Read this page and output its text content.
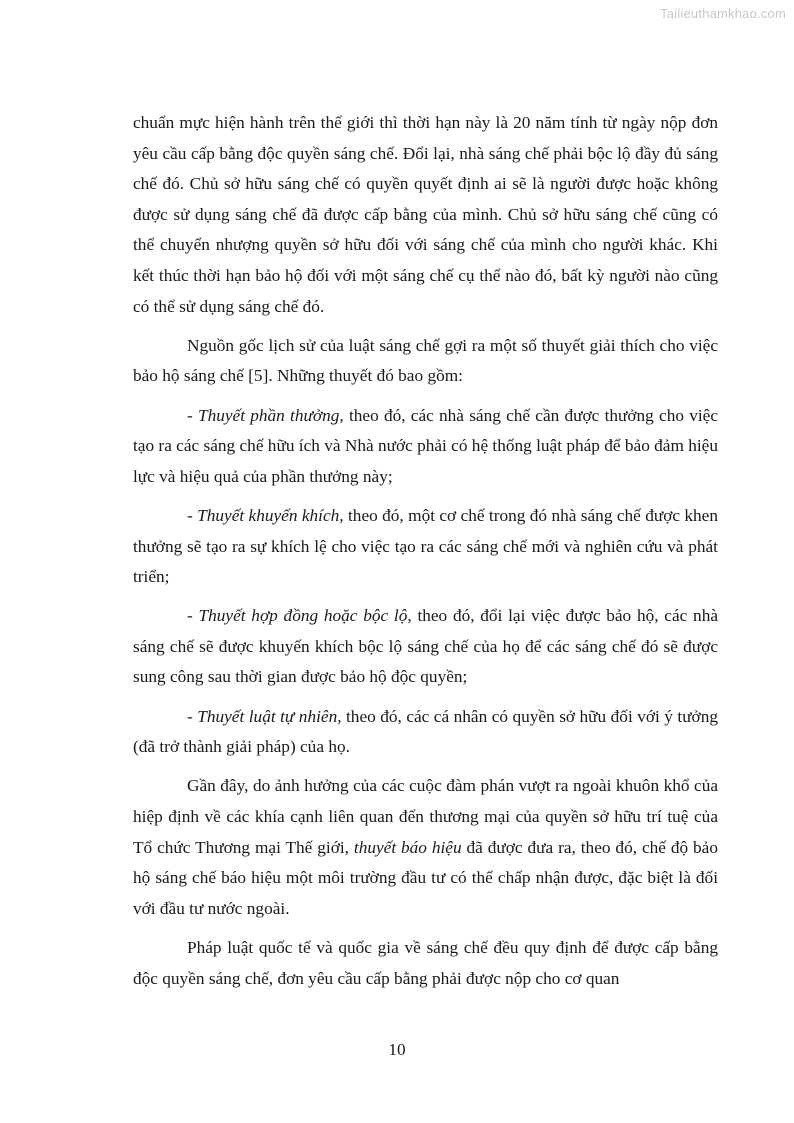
Tailieuthamkhao.com

chuẩn mực hiện hành trên thế giới thì thời hạn này là 20 năm tính từ ngày nộp đơn yêu cầu cấp bằng độc quyền sáng chế. Đổi lại, nhà sáng chế phải bộc lộ đầy đủ sáng chế đó. Chủ sở hữu sáng chế có quyền quyết định ai sẽ là người được hoặc không được sử dụng sáng chế đã được cấp bằng của mình. Chủ sở hữu sáng chế cũng có thể chuyển nhượng quyền sở hữu đối với sáng chế của mình cho người khác. Khi kết thúc thời hạn bảo hộ đối với một sáng chế cụ thể nào đó, bất kỳ người nào cũng có thể sử dụng sáng chế đó.

Nguồn gốc lịch sử của luật sáng chế gợi ra một số thuyết giải thích cho việc bảo hộ sáng chế [5]. Những thuyết đó bao gồm:

- Thuyết phần thưởng, theo đó, các nhà sáng chế cần được thưởng cho việc tạo ra các sáng chế hữu ích và Nhà nước phải có hệ thống luật pháp để bảo đảm hiệu lực và hiệu quả của phần thưởng này;

- Thuyết khuyến khích, theo đó, một cơ chế trong đó nhà sáng chế được khen thưởng sẽ tạo ra sự khích lệ cho việc tạo ra các sáng chế mới và nghiên cứu và phát triển;

- Thuyết hợp đồng hoặc bộc lộ, theo đó, đổi lại việc được bảo hộ, các nhà sáng chế sẽ được khuyến khích bộc lộ sáng chế của họ để các sáng chế đó sẽ được sung công sau thời gian được bảo hộ độc quyền;

- Thuyết luật tự nhiên, theo đó, các cá nhân có quyền sở hữu đối với ý tưởng (đã trở thành giải pháp) của họ.

Gần đây, do ảnh hưởng của các cuộc đàm phán vượt ra ngoài khuôn khổ của hiệp định về các khía cạnh liên quan đến thương mại của quyền sở hữu trí tuệ của Tổ chức Thương mại Thế giới, thuyết báo hiệu đã được đưa ra, theo đó, chế độ bảo hộ sáng chế báo hiệu một môi trường đầu tư có thể chấp nhận được, đặc biệt là đối với đầu tư nước ngoài.

Pháp luật quốc tế và quốc gia về sáng chế đều quy định để được cấp bằng độc quyền sáng chế, đơn yêu cầu cấp bằng phải được nộp cho cơ quan

10
